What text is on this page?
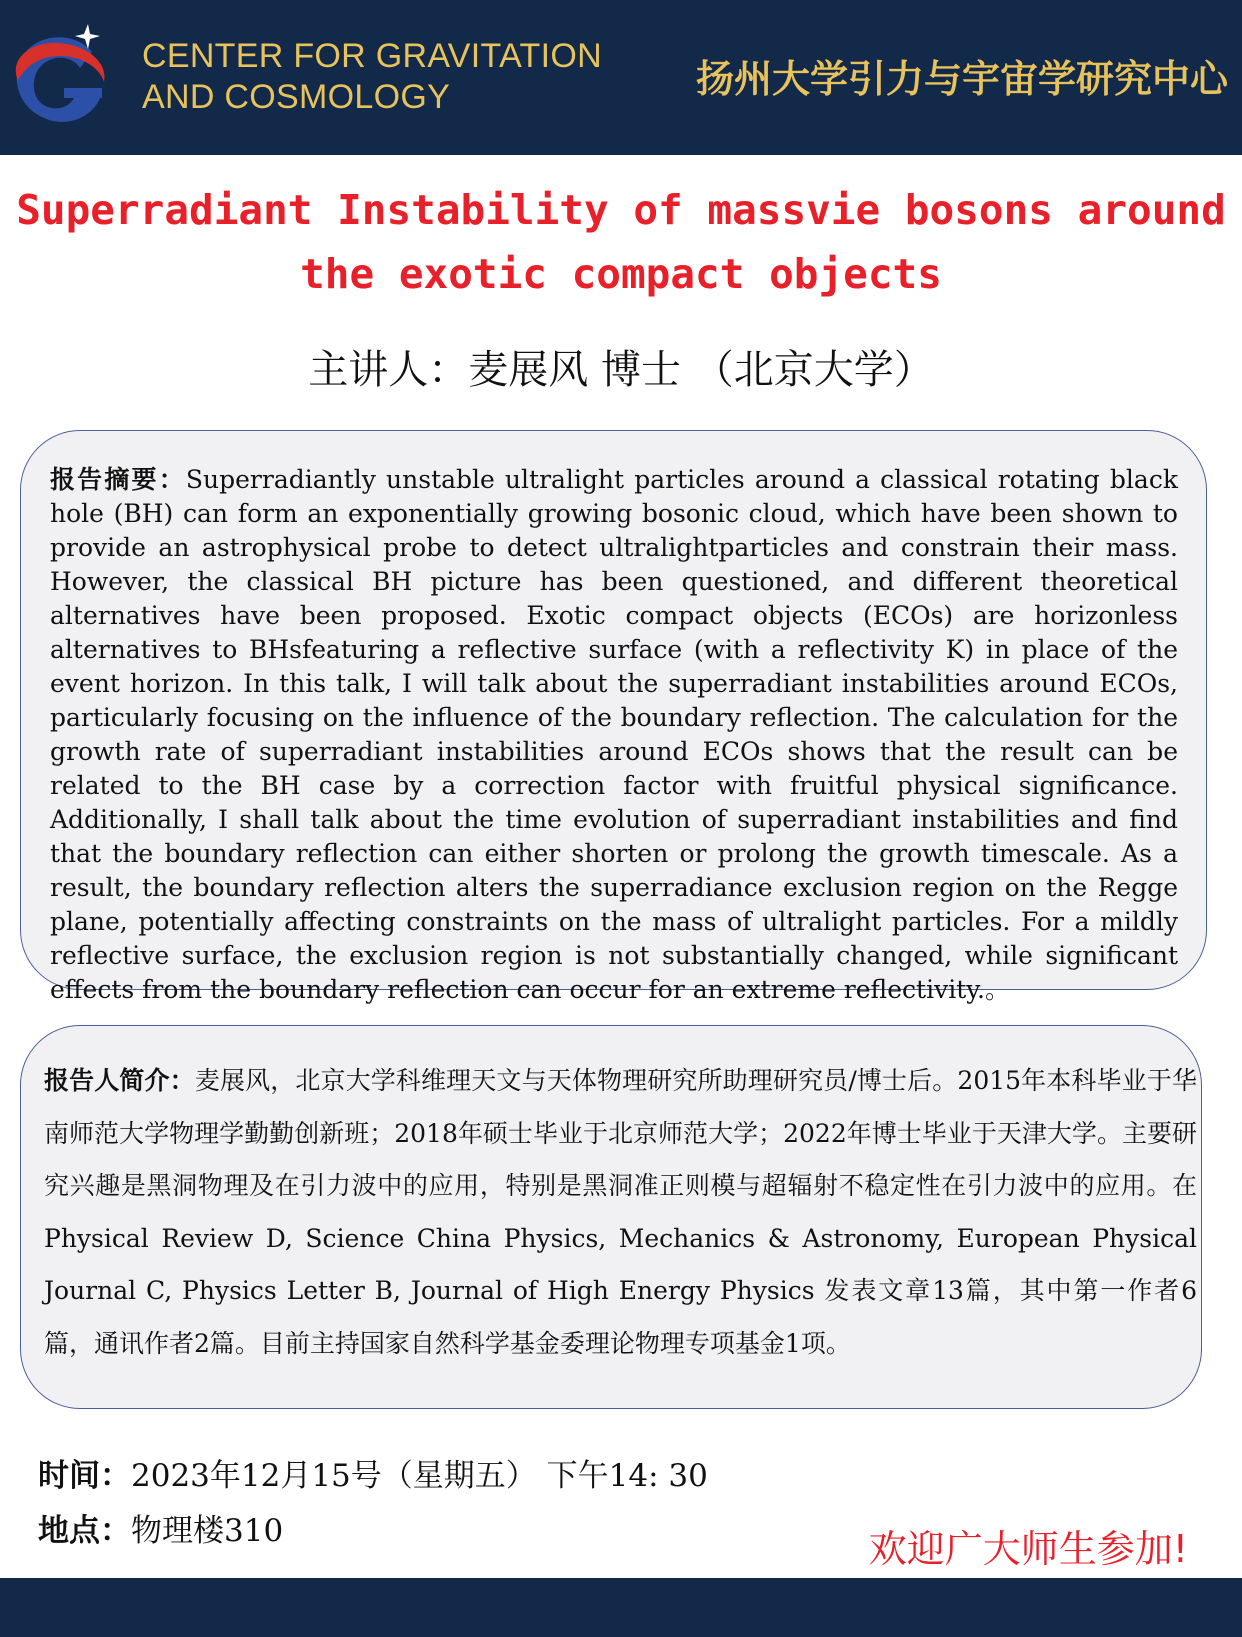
CENTER FOR GRAVITATION
AND COSMOLOGY	扬州大学引力与宇宙学研究中心
Superradiant Instability of massvie bosons around
the exotic compact objects
主讲人：麦展风 博士 （北京大学）
报告摘要：Superradiantly unstable ultralight particles around a classical rotating black hole (BH) can form an exponentially growing bosonic cloud, which have been shown to provide an astrophysical probe to detect ultralightparticles and constrain their mass. However, the classical BH picture has been questioned, and different theoretical alternatives have been proposed. Exotic compact objects (ECOs) are horizonless alternatives to BHsfeaturing a reflective surface (with a reflectivity K) in place of the event horizon. In this talk, I will talk about the superradiant instabilities around ECOs, particularly focusing on the influence of the boundary reflection. The calculation for the growth rate of superradiant instabilities around ECOs shows that the result can be related to the BH case by a correction factor with fruitful physical significance. Additionally, I shall talk about the time evolution of superradiant instabilities and find that the boundary reflection can either shorten or prolong the growth timescale. As a result, the boundary reflection alters the superradiance exclusion region on the Regge plane, potentially affecting constraints on the mass of ultralight particles. For a mildly reflective surface, the exclusion region is not substantially changed, while significant effects from the boundary reflection can occur for an extreme reflectivity.。
报告人简介：麦展风，北京大学科维理天文与天体物理研究所助理研究员/博士后。2015年本科毕业于华南师范大学物理学勤勤创新班；2018年硕士毕业于北京师范大学；2022年博士毕业于天津大学。主要研究兴趣是黑洞物理及在引力波中的应用，特别是黑洞准正则模与超辐射不稳定性在引力波中的应用。在Physical Review D, Science China Physics, Mechanics & Astronomy, European Physical Journal C, Physics Letter B, Journal of High Energy Physics 发表文章13篇，其中第一作者6篇，通讯作者2篇。目前主持国家自然科学基金委理论物理专项基金1项。
时间：2023年12月15号（星期五） 下午14: 30
地点：物理楼310	欢迎广大师生参加!
